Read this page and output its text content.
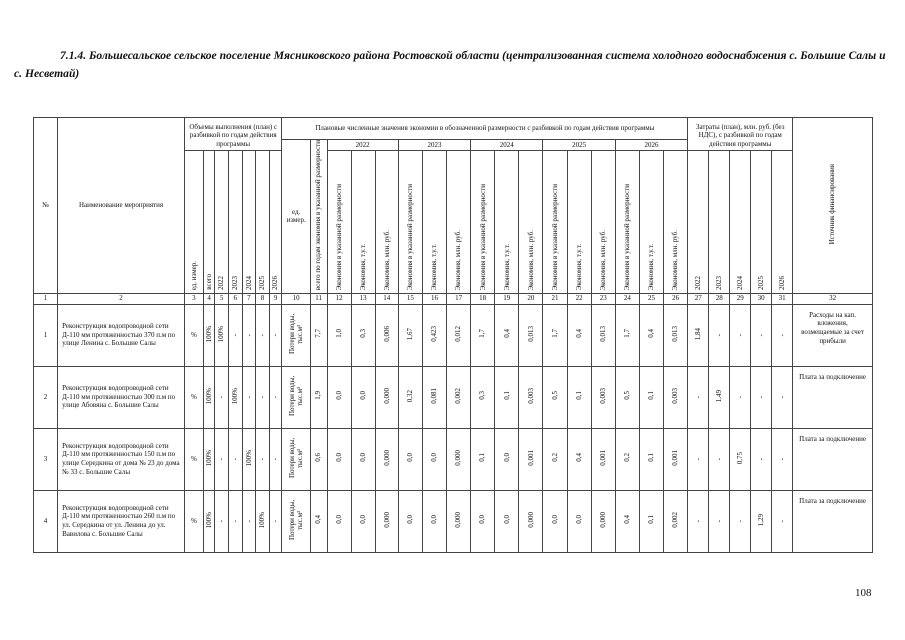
7.1.4. Большесальское сельское поселение Мясниковского района Ростовской области (централизованная система холодного водоснабжения с. Большие Салы и с. Несветай)
№	Наименование мероприятия	Объемы выполнения (план) с разбивкой по годам действия программы							Плановые численные значения экономии в обозначенной размерности с разбивкой по годам действия программы																	Затраты (план), млн. руб. (без НДС), с разбивкой по годам действия программы					Источник финансирования
									ед. измер.	всего по годам экономия в указанной размерности	2022			2023			2024			2025			2026								
		ед. измер.	всего	2022	2023	2024	2025	2026			Экономия в указанной размерности	Экономия, т.у.т.	Экономия, млн. руб.	Экономия в указанной размерности	Экономия, т.у.т.	Экономия, млн. руб.	Экономия в указанной размерности	Экономия, т.у.т.	Экономия, млн. руб.	Экономия в указанной размерности	Экономия, т.у.т.	Экономия, млн. руб.	Экономия в указанной размерности	Экономия, т.у.т.	Экономия, млн. руб.	2022	2023	2024	2025	2026	

1	2	3	4	5	6	7	8	9	10	11	12	13	14	15	16	17	18	19	20	21	22	23	24	25	26	27	28	29	30	31	32
1	Реконструкция водопроводной сети Д-110 мм протяженностью 370 п.м по улице Ленина с. Большие Салы	%	100%	100%	-	-	-	-	Потери воды, тыс.м³	7,7	1,0	0,3	0,006	1,67	0,423	0,012	1,7	0,4	0,013	1,7	0,4	0,013	1,7	0,4	0,013	1,84	-	-	-	-	Расходы на кап. вложения, возмещаемые за счет прибыли
2	Реконструкция водопроводной сети Д-110 мм протяженностью 300 п.м по улице Абовяна с. Большие Салы	%	100%	-	100%	-	-	-	Потери воды, тыс.м³	1,9	0,0	0,0	0,000	0,32	0,081	0,002	0,3	0,1	0,003	0,5	0,1	0,003	0,5	0,1	0,003	-	1,49	-	-	-	Плата за подключение
3	Реконструкция водопроводной сети Д-110 мм протяженностью 150 п.м по улице Середкина от дома № 23 до дома № 33 с. Большие Салы	%	100%	-	-	100%	-	-	Потери воды, тыс.м³	0,6	0,0	0,0	0,000	0,0	0,0	0,000	0,1	0,0	0,001	0,2	0,4	0,001	0,2	0,1	0,001	-	-	0,75	-	-	Плата за подключение
4	Реконструкция водопроводной сети Д-110 мм протяженностью 260 п.м по ул. Середкина от ул. Ленина до ул. Вавилова с. Большие Салы	%	100%	-	-	-	100%	-	Потери воды, тыс.м³	0,4	0,0	0,0	0,000	0,0	0,0	0,000	0,0	0,0	0,000	0,0	0,0	0,000	0,4	0,1	0,002	-	-	-	1,29	-	Плата за подключение
108
